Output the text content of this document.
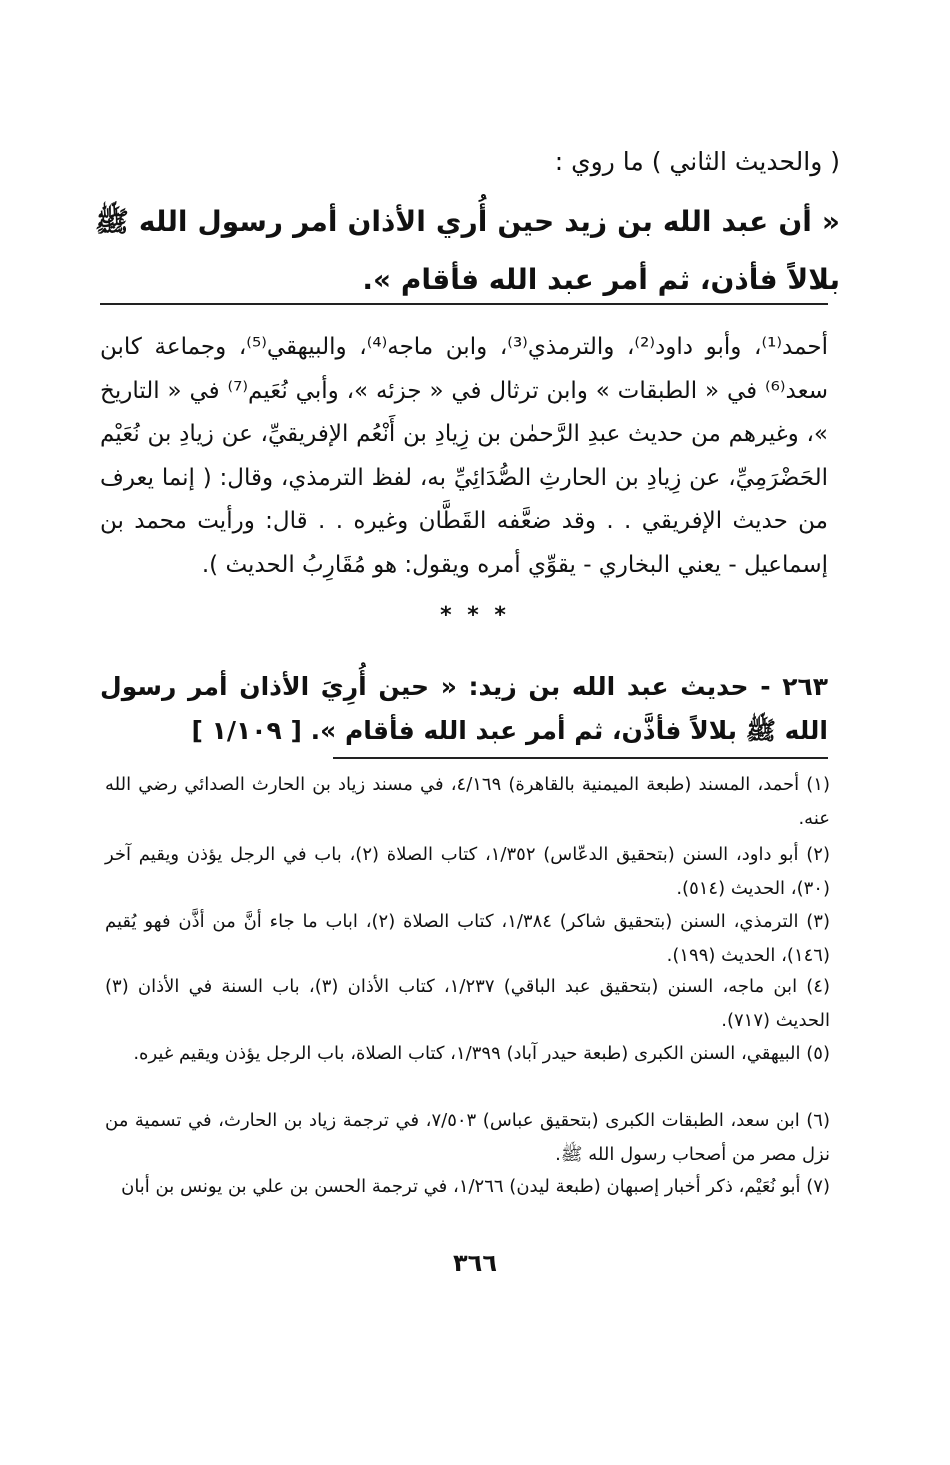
( والحديث الثاني ) ما روي :
« أن عبد الله بن زيد حين أُري الأذان أمر رسول الله ﷺ بلالاً فأذن، ثم أمر عبد الله فأقام ».
أحمد⁽¹⁾، وأبو داود⁽²⁾، والترمذي⁽³⁾، وابن ماجه⁽⁴⁾، والبيهقي⁽⁵⁾، وجماعة كابن سعد⁽⁶⁾ في « الطبقات » وابن ترثال في « جزئه »، وأبي نُعَيم⁽⁷⁾ في « التاريخ »، وغيرهم من حديث عبدِ الرَّحمٰن بن زِيادِ بن أَنْعُم الإفريقيِّ، عن زيادِ بن نُعَيْم الحَضْرَمِيِّ، عن زِيادِ بن الحارثِ الصُّدَائِيِّ به، لفظ الترمذي، وقال: ( إنما يعرف من حديث الإفريقي . . وقد ضعَّفه القَطَّان وغيره . . قال: ورأيت محمد بن إسماعيل - يعني البخاري - يقوِّي أمره ويقول: هو مُقَارِبُ الحديث ).
* * *
٢٦٣ - حديث عبد الله بن زيد: « حين أُرِيَ الأذان أمر رسول الله ﷺ بلالاً فأذَّن، ثم أمر عبد الله فأقام ». [ ١/١٠٩ ]

(١) أحمد، المسند (طبعة الميمنية بالقاهرة) ٤/١٦٩، في مسند زياد بن الحارث الصدائي رضي الله عنه.

(٢) أبو داود، السنن (بتحقيق الدعّاس) ١/٣٥٢، كتاب الصلاة (٢)، باب في الرجل يؤذن ويقيم آخر (٣٠)، الحديث (٥١٤).

(٣) الترمذي، السنن (بتحقيق شاكر) ١/٣٨٤، كتاب الصلاة (٢)، اباب ما جاء أنَّ من أذَّن فهو يُقيم (١٤٦)، الحديث (١٩٩).

(٤) ابن ماجه، السنن (بتحقيق عبد الباقي) ١/٢٣٧، كتاب الأذان (٣)، باب السنة في الأذان (٣) الحديث (٧١٧).

(٥) البيهقي، السنن الكبرى (طبعة حيدر آباد) ١/٣٩٩، كتاب الصلاة، باب الرجل يؤذن ويقيم غيره.

(٦) ابن سعد، الطبقات الكبرى (بتحقيق عباس) ٧/٥٠٣، في ترجمة زياد بن الحارث، في تسمية من نزل مصر من أصحاب رسول الله ﷺ.

(٧) أبو نُعَيْم، ذكر أخبار إصبهان (طبعة ليدن) ١/٢٦٦، في ترجمة الحسن بن علي بن يونس بن أبان

٣٦٦
